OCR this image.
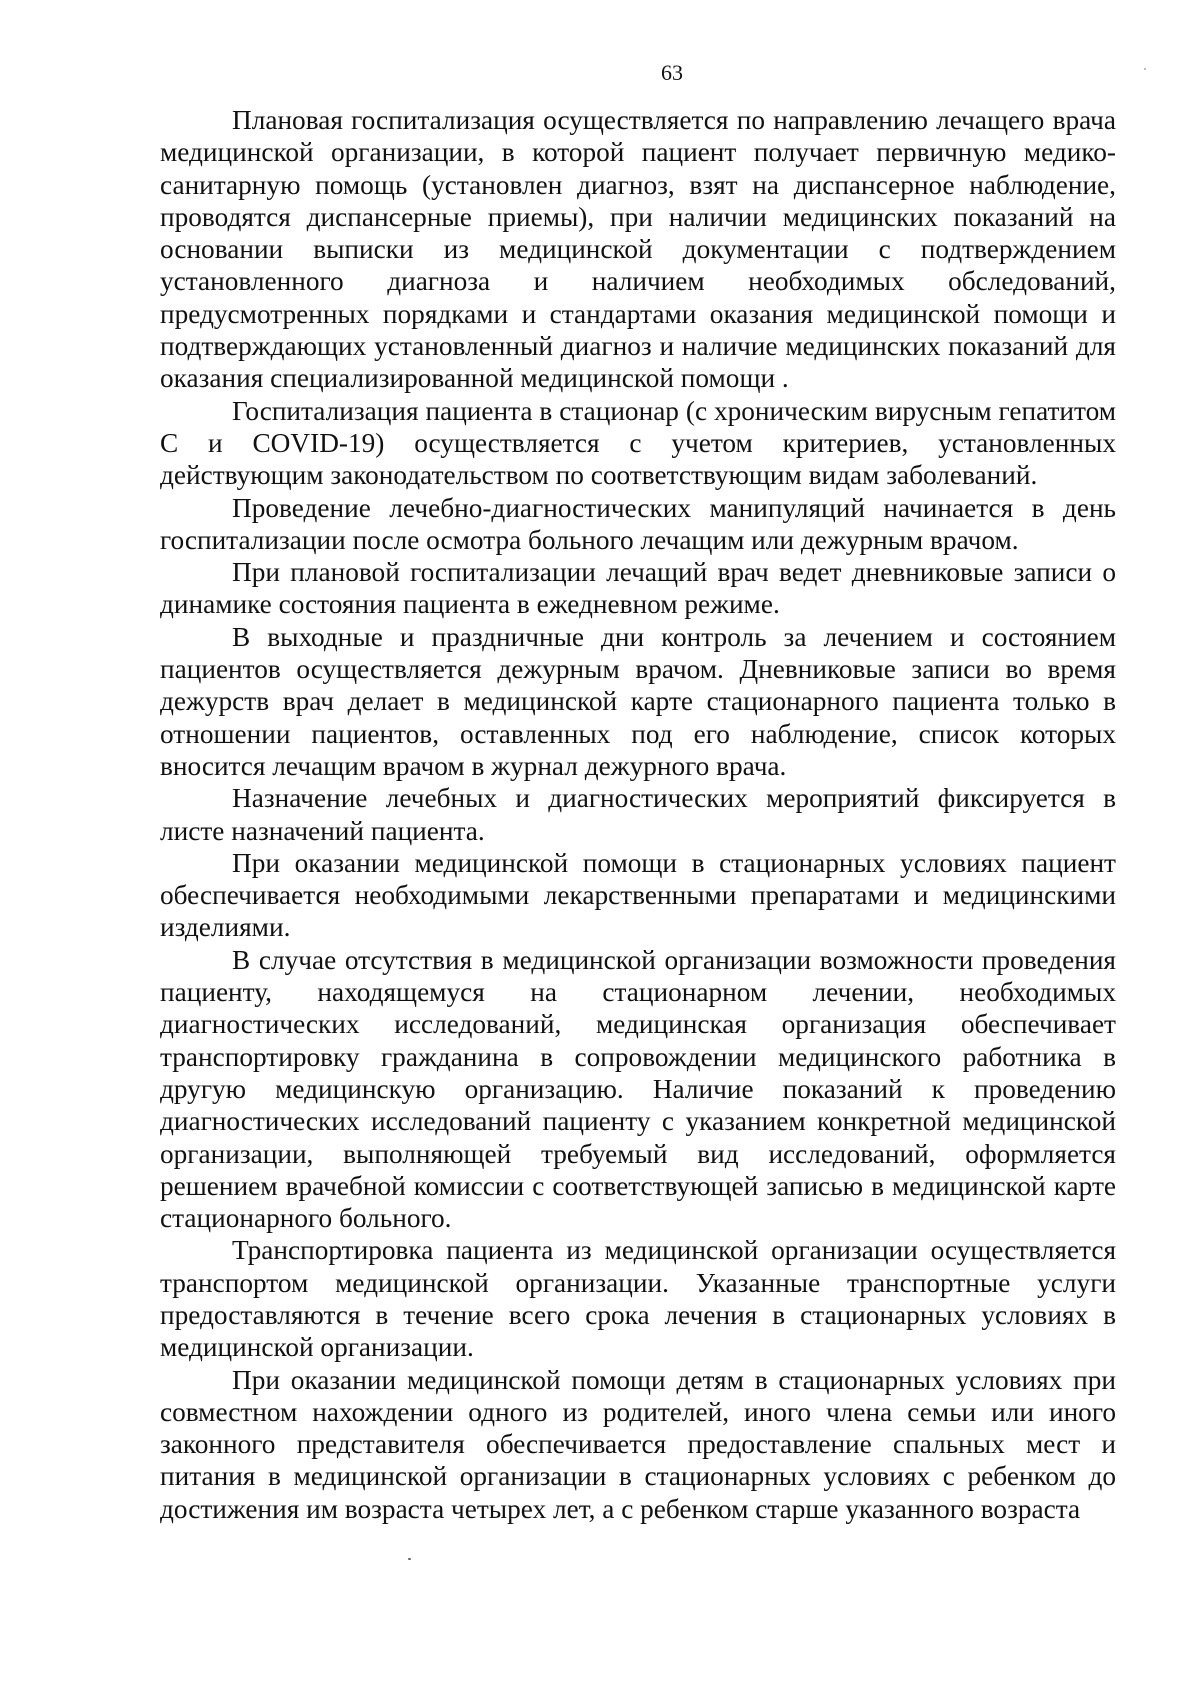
63

Плановая госпитализация осуществляется по направлению лечащего врача медицинской организации, в которой пациент получает первичную медико-санитарную помощь (установлен диагноз, взят на диспансерное наблюдение, проводятся диспансерные приемы), при наличии медицинских показаний на основании выписки из медицинской документации с подтверждением установленного диагноза и наличием необходимых обследований, предусмотренных порядками и стандартами оказания медицинской помощи и подтверждающих установленный диагноз и наличие медицинских показаний для оказания специализированной медицинской помощи .

Госпитализация пациента в стационар (с хроническим вирусным гепатитом С и COVID-19) осуществляется с учетом критериев, установленных действующим законодательством по соответствующим видам заболеваний.

Проведение лечебно-диагностических манипуляций начинается в день госпитализации после осмотра больного лечащим или дежурным врачом.

При плановой госпитализации лечащий врач ведет дневниковые записи о динамике состояния пациента в ежедневном режиме.

В выходные и праздничные дни контроль за лечением и состоянием пациентов осуществляется дежурным врачом. Дневниковые записи во время дежурств врач делает в медицинской карте стационарного пациента только в отношении пациентов, оставленных под его наблюдение, список которых вносится лечащим врачом в журнал дежурного врача.

Назначение лечебных и диагностических мероприятий фиксируется в листе назначений пациента.

При оказании медицинской помощи в стационарных условиях пациент обеспечивается необходимыми лекарственными препаратами и медицинскими изделиями.

В случае отсутствия в медицинской организации возможности проведения пациенту, находящемуся на стационарном лечении, необходимых диагностических исследований, медицинская организация обеспечивает транспортировку гражданина в сопровождении медицинского работника в другую медицинскую организацию. Наличие показаний к проведению диагностических исследований пациенту с указанием конкретной медицинской организации, выполняющей требуемый вид исследований, оформляется решением врачебной комиссии с соответствующей записью в медицинской карте стационарного больного.

Транспортировка пациента из медицинской организации осуществляется транспортом медицинской организации. Указанные транспортные услуги предоставляются в течение всего срока лечения в стационарных условиях в медицинской организации.

При оказании медицинской помощи детям в стационарных условиях при совместном нахождении одного из родителей, иного члена семьи или иного законного представителя обеспечивается предоставление спальных мест и питания в медицинской организации в стационарных условиях с ребенком до достижения им возраста четырех лет, а с ребенком старше указанного возраста
